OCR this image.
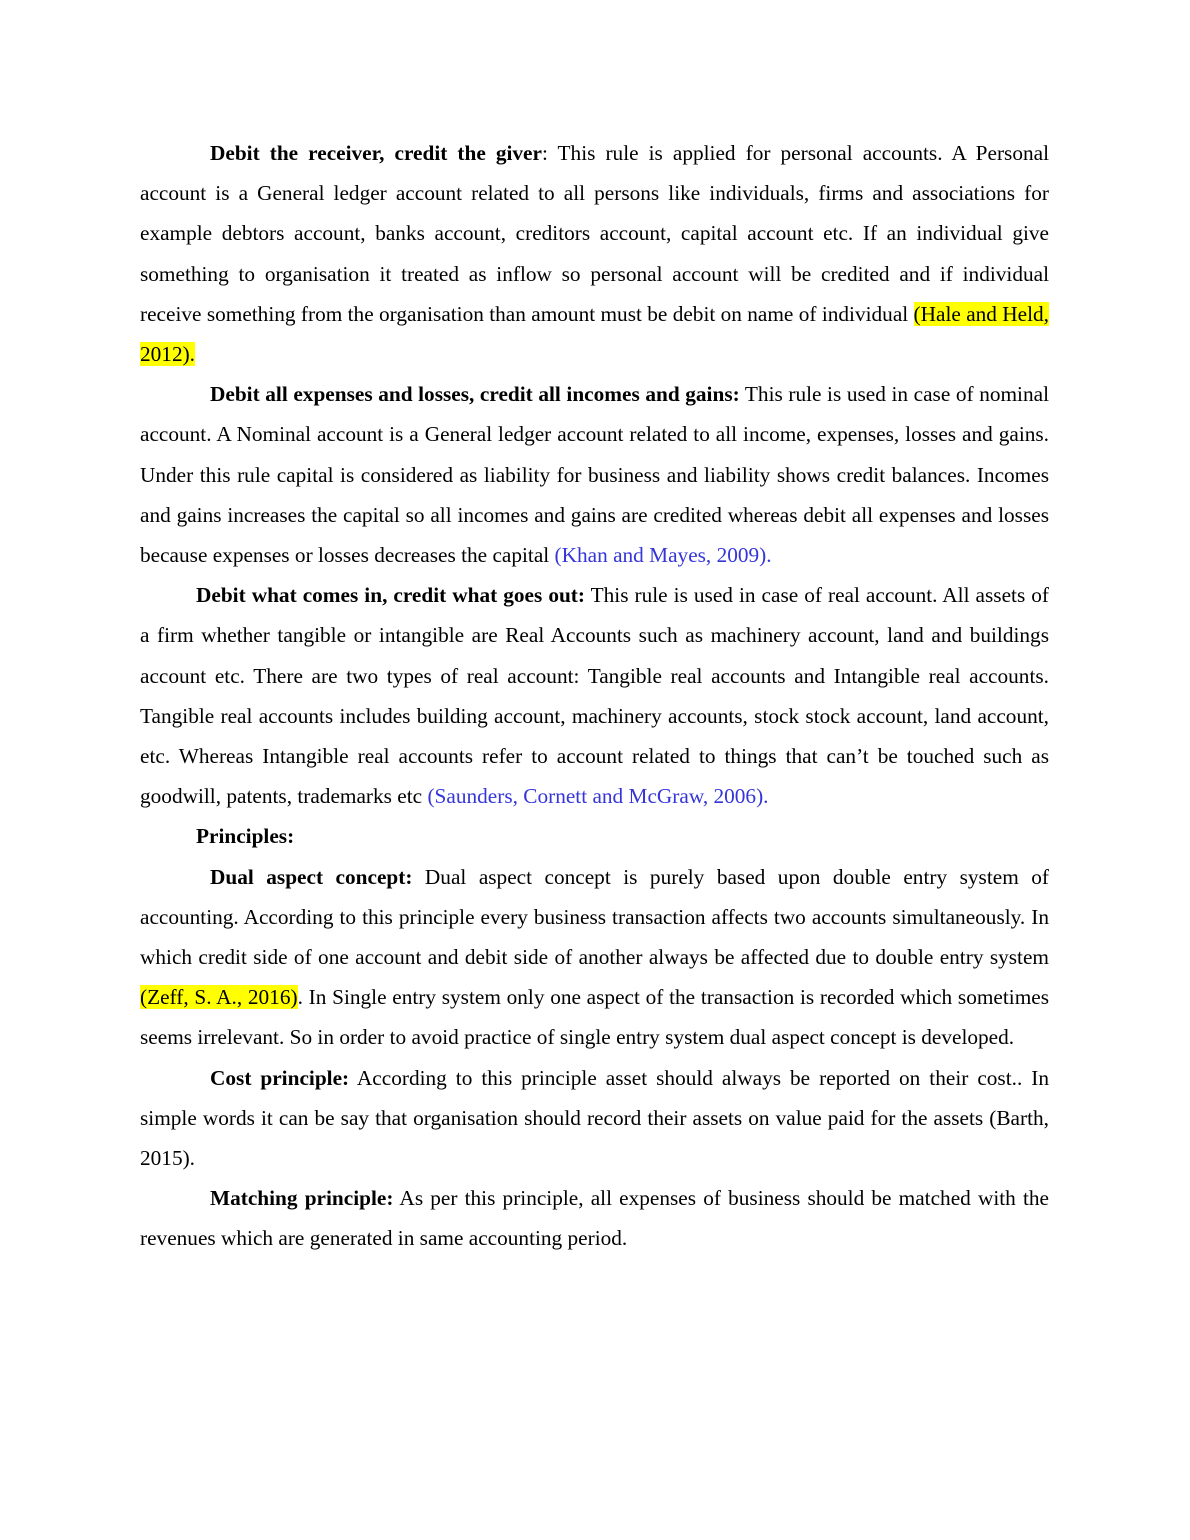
Debit the receiver, credit the giver: This rule is applied for personal accounts. A Personal account is a General ledger account related to all persons like individuals, firms and associations for example debtors account, banks account, creditors account, capital account etc. If an individual give something to organisation it treated as inflow so personal account will be credited and if individual receive something from the organisation than amount must be debit on name of individual (Hale and Held, 2012).

Debit all expenses and losses, credit all incomes and gains: This rule is used in case of nominal account. A Nominal account is a General ledger account related to all income, expenses, losses and gains. Under this rule capital is considered as liability for business and liability shows credit balances. Incomes and gains increases the capital so all incomes and gains are credited whereas debit all expenses and losses because expenses or losses decreases the capital (Khan and Mayes, 2009).

Debit what comes in, credit what goes out: This rule is used in case of real account. All assets of a firm whether tangible or intangible are Real Accounts such as machinery account, land and buildings account etc. There are two types of real account: Tangible real accounts and Intangible real accounts. Tangible real accounts includes building account, machinery accounts, stock stock account, land account, etc. Whereas Intangible real accounts refer to account related to things that can’t be touched such as goodwill, patents, trademarks etc (Saunders, Cornett and McGraw, 2006).

Principles:

Dual aspect concept: Dual aspect concept is purely based upon double entry system of accounting. According to this principle every business transaction affects two accounts simultaneously. In which credit side of one account and debit side of another always be affected due to double entry system (Zeff, S. A., 2016). In Single entry system only one aspect of the transaction is recorded which sometimes seems irrelevant. So in order to avoid practice of single entry system dual aspect concept is developed.

Cost principle: According to this principle asset should always be reported on their cost.. In simple words it can be say that organisation should record their assets on value paid for the assets (Barth, 2015).

Matching principle: As per this principle, all expenses of business should be matched with the revenues which are generated in same accounting period.
